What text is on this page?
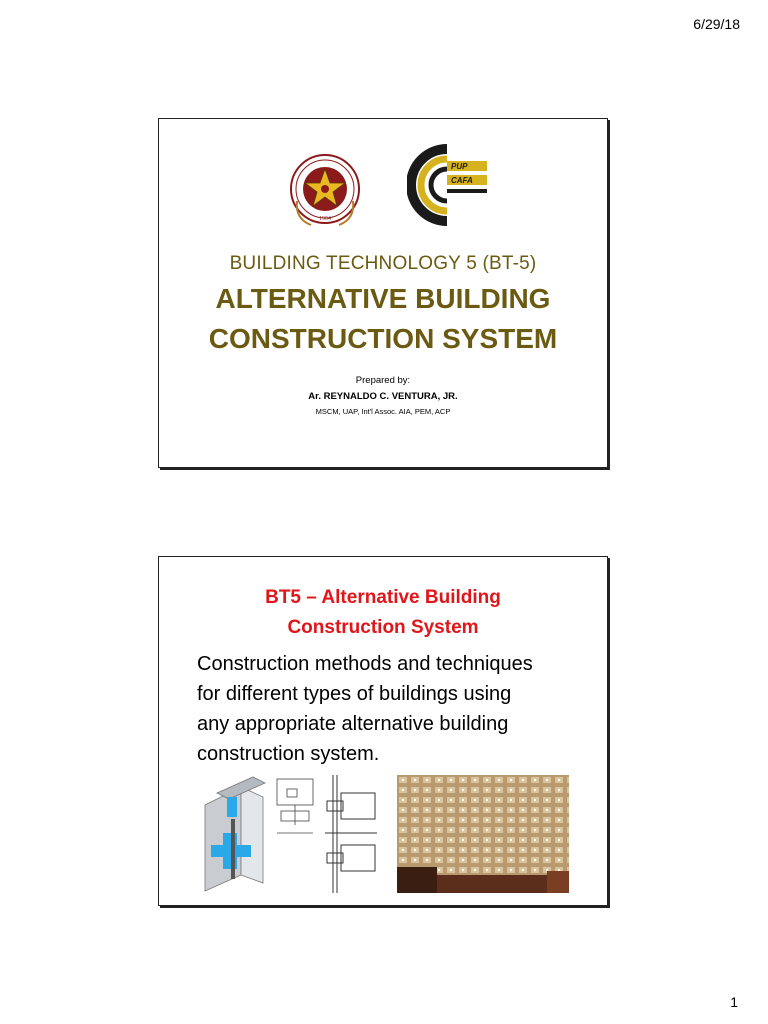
6/29/18
1904
PUP
CAFA
BUILDING TECHNOLOGY 5 (BT-5)
ALTERNATIVE BUILDING
CONSTRUCTION SYSTEM
Prepared by:
Ar. REYNALDO C. VENTURA, JR.
MSCM, UAP, Int'l Assoc. AIA, PEM, ACP
BT5 – Alternative Building
Construction System
Construction methods and techniques
for different types of buildings using
any appropriate alternative building
construction system.
1
